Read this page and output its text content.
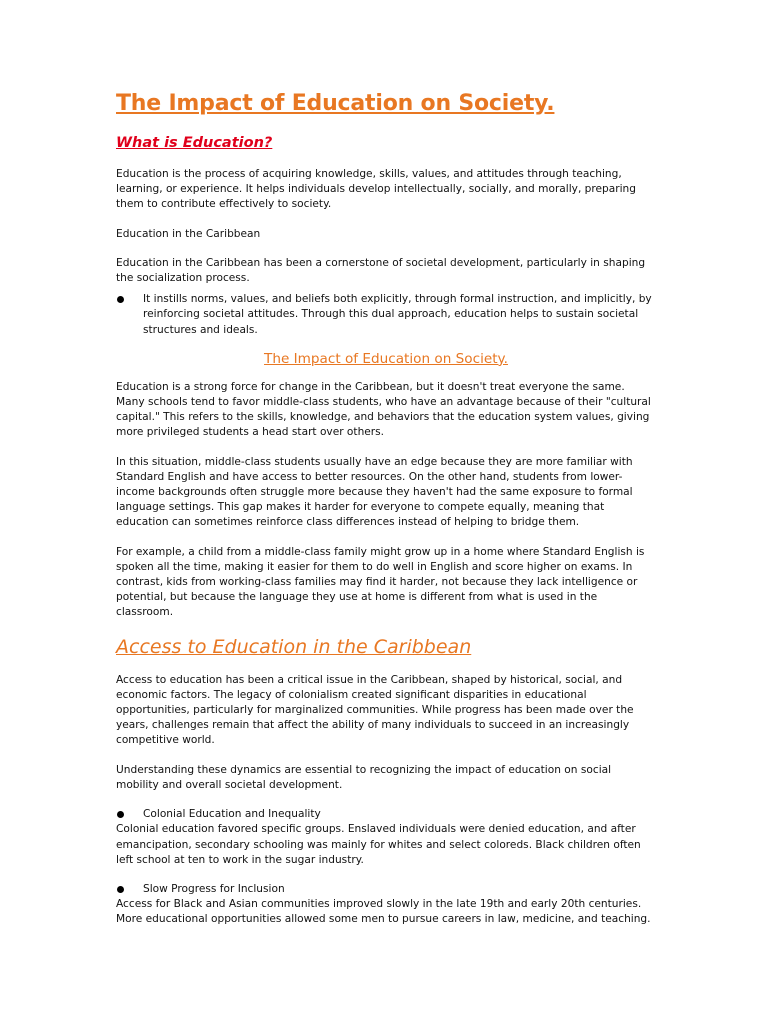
The Impact of Education on Society.
What is Education?

Education is the process of acquiring knowledge, skills, values, and attitudes through teaching, learning, or experience. It helps individuals develop intellectually, socially, and morally, preparing them to contribute effectively to society.

Education in the Caribbean

Education in the Caribbean has been a cornerstone of societal development, particularly in shaping the socialization process.

It instills norms, values, and beliefs both explicitly, through formal instruction, and implicitly, by reinforcing societal attitudes. Through this dual approach, education helps to sustain societal structures and ideals.
The Impact of Education on Society.

Education is a strong force for change in the Caribbean, but it doesn't treat everyone the same. Many schools tend to favor middle-class students, who have an advantage because of their "cultural capital." This refers to the skills, knowledge, and behaviors that the education system values, giving more privileged students a head start over others.

In this situation, middle-class students usually have an edge because they are more familiar with Standard English and have access to better resources. On the other hand, students from lower-income backgrounds often struggle more because they haven't had the same exposure to formal language settings. This gap makes it harder for everyone to compete equally, meaning that education can sometimes reinforce class differences instead of helping to bridge them.

For example, a child from a middle-class family might grow up in a home where Standard English is spoken all the time, making it easier for them to do well in English and score higher on exams. In contrast, kids from working-class families may find it harder, not because they lack intelligence or potential, but because the language they use at home is different from what is used in the classroom.

Access to Education in the Caribbean

Access to education has been a critical issue in the Caribbean, shaped by historical, social, and economic factors. The legacy of colonialism created significant disparities in educational opportunities, particularly for marginalized communities. While progress has been made over the years, challenges remain that affect the ability of many individuals to succeed in an increasingly competitive world.

Understanding these dynamics are essential to recognizing the impact of education on social mobility and overall societal development.

Colonial Education and Inequality

Colonial education favored specific groups. Enslaved individuals were denied education, and after emancipation, secondary schooling was mainly for whites and select coloreds. Black children often left school at ten to work in the sugar industry.

Slow Progress for Inclusion

Access for Black and Asian communities improved slowly in the late 19th and early 20th centuries. More educational opportunities allowed some men to pursue careers in law, medicine, and teaching.
